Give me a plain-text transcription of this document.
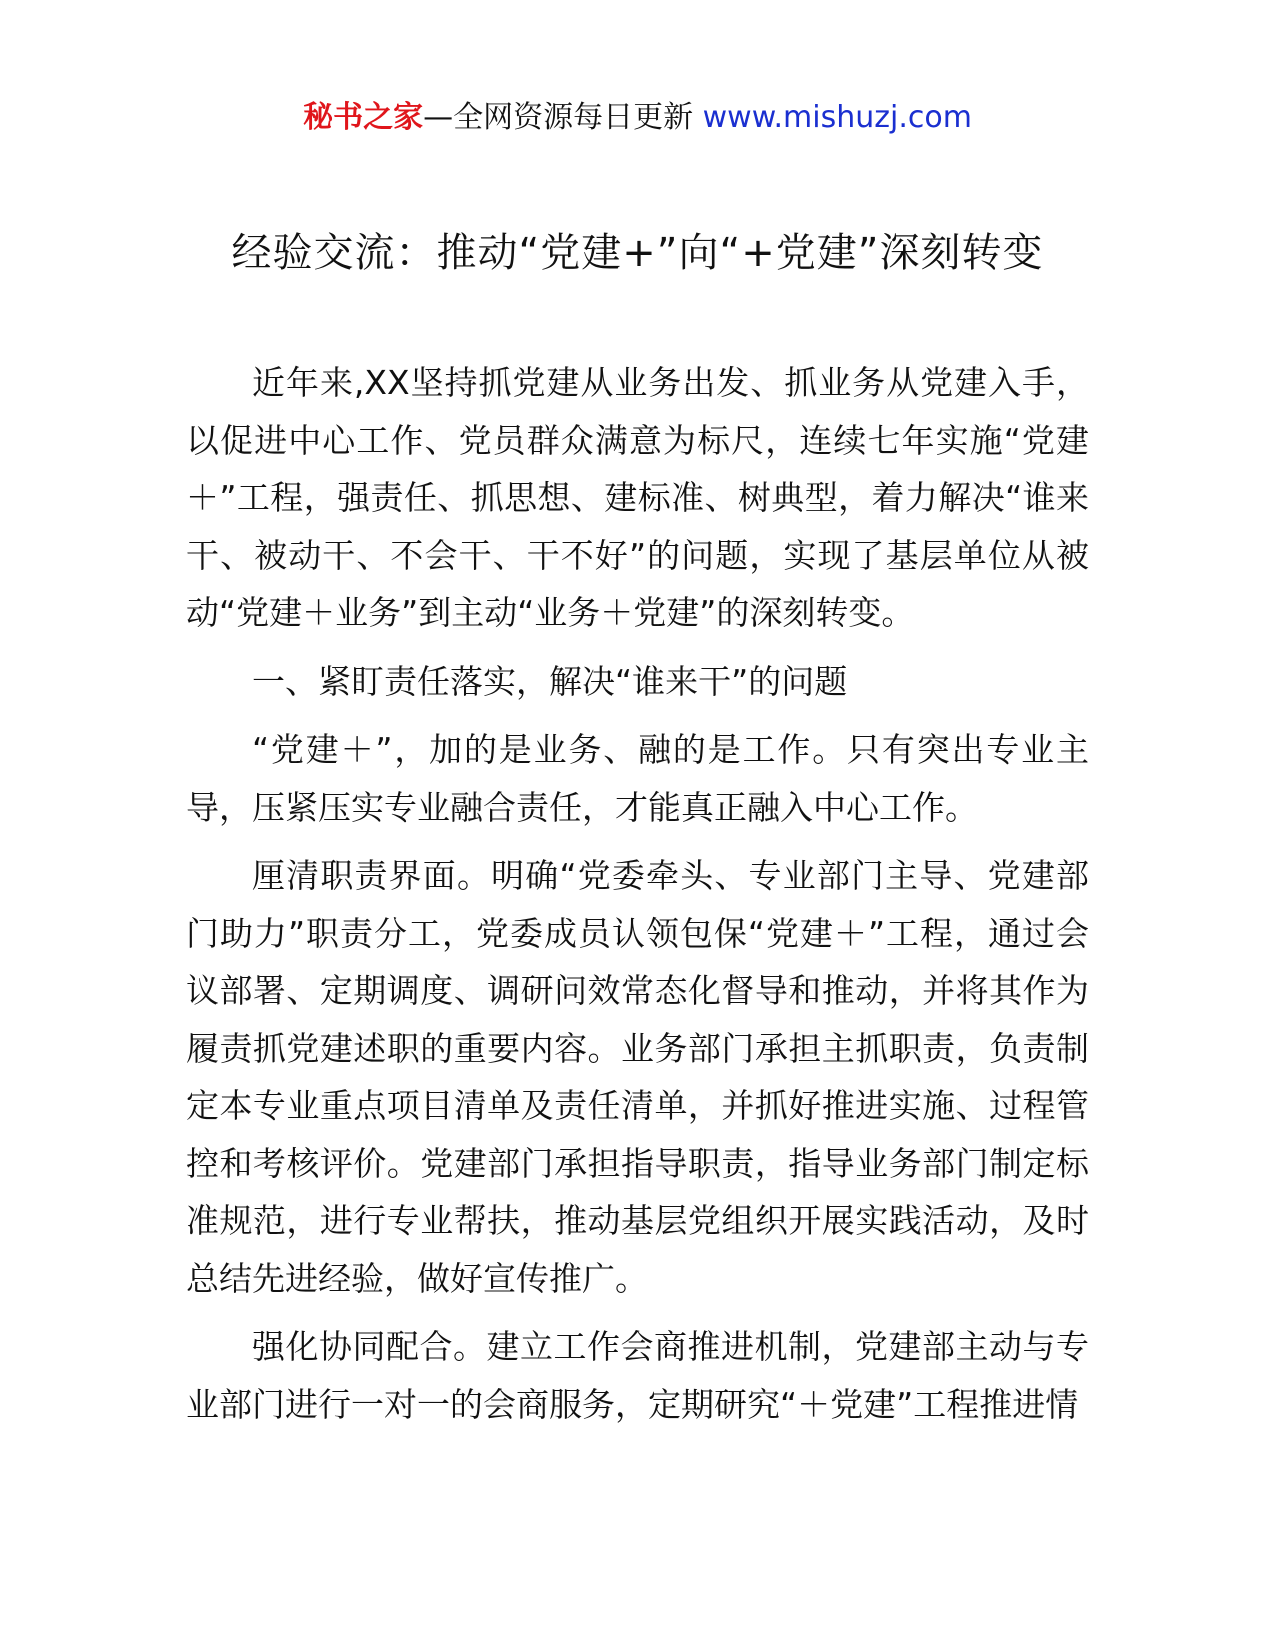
秘书之家—全网资源每日更新 www.mishuzj.com
经验交流：推动“党建+”向“+党建”深刻转变

近年来,XX坚持抓党建从业务出发、抓业务从党建入手，以促进中心工作、党员群众满意为标尺，连续七年实施“党建＋”工程，强责任、抓思想、建标准、树典型，着力解决“谁来干、被动干、不会干、干不好”的问题，实现了基层单位从被动“党建＋业务”到主动“业务＋党建”的深刻转变。

一、紧盯责任落实，解决“谁来干”的问题

“党建＋”，加的是业务、融的是工作。只有突出专业主导，压紧压实专业融合责任，才能真正融入中心工作。

厘清职责界面。明确“党委牵头、专业部门主导、党建部门助力”职责分工，党委成员认领包保“党建＋”工程，通过会议部署、定期调度、调研问效常态化督导和推动，并将其作为履责抓党建述职的重要内容。业务部门承担主抓职责，负责制定本专业重点项目清单及责任清单，并抓好推进实施、过程管控和考核评价。党建部门承担指导职责，指导业务部门制定标准规范，进行专业帮扶，推动基层党组织开展实践活动，及时总结先进经验，做好宣传推广。

强化协同配合。建立工作会商推进机制，党建部主动与专业部门进行一对一的会商服务，定期研究“＋党建”工程推进情
